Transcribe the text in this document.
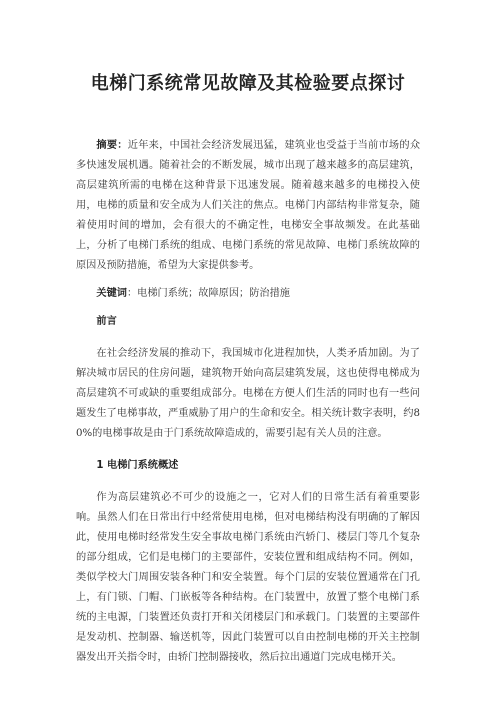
电梯门系统常见故障及其检验要点探讨

摘要：近年来，中国社会经济发展迅猛，建筑业也受益于当前市场的众多快速发展机遇。随着社会的不断发展，城市出现了越来越多的高层建筑，高层建筑所需的电梯在这种背景下迅速发展。随着越来越多的电梯投入使用，电梯的质量和安全成为人们关注的焦点。电梯门内部结构非常复杂，随着使用时间的增加，会有很大的不确定性，电梯安全事故频发。在此基础上，分析了电梯门系统的组成、电梯门系统的常见故障、电梯门系统故障的原因及预防措施，希望为大家提供参考。

关键词：电梯门系统；故障原因；防治措施

前言

在社会经济发展的推动下，我国城市化进程加快，人类矛盾加剧。为了解决城市居民的住房问题，建筑物开始向高层建筑发展，这也使得电梯成为高层建筑不可或缺的重要组成部分。电梯在方便人们生活的同时也有一些问题发生了电梯事故，严重威胁了用户的生命和安全。相关统计数字表明，约80%的电梯事故是由于门系统故障造成的，需要引起有关人员的注意。

1 电梯门系统概述

作为高层建筑必不可少的设施之一，它对人们的日常生活有着重要影响。虽然人们在日常出行中经常使用电梯，但对电梯结构没有明确的了解因此，使用电梯时经常发生安全事故电梯门系统由汽轿门、楼层门等几个复杂的部分组成，它们是电梯门的主要部件，安装位置和组成结构不同。例如，类似学校大门周围安装各种门和安全装置。每个门层的安装位置通常在门孔上，有门锁、门帽、门嵌板等各种结构。在门装置中，放置了整个电梯门系统的主电源，门装置还负责打开和关闭楼层门和承载门。门装置的主要部件是发动机、控制器、输送机等，因此门装置可以自由控制电梯的开关主控制器发出开关指令时，由轿门控制器接收，然后拉出通道门完成电梯开关。
